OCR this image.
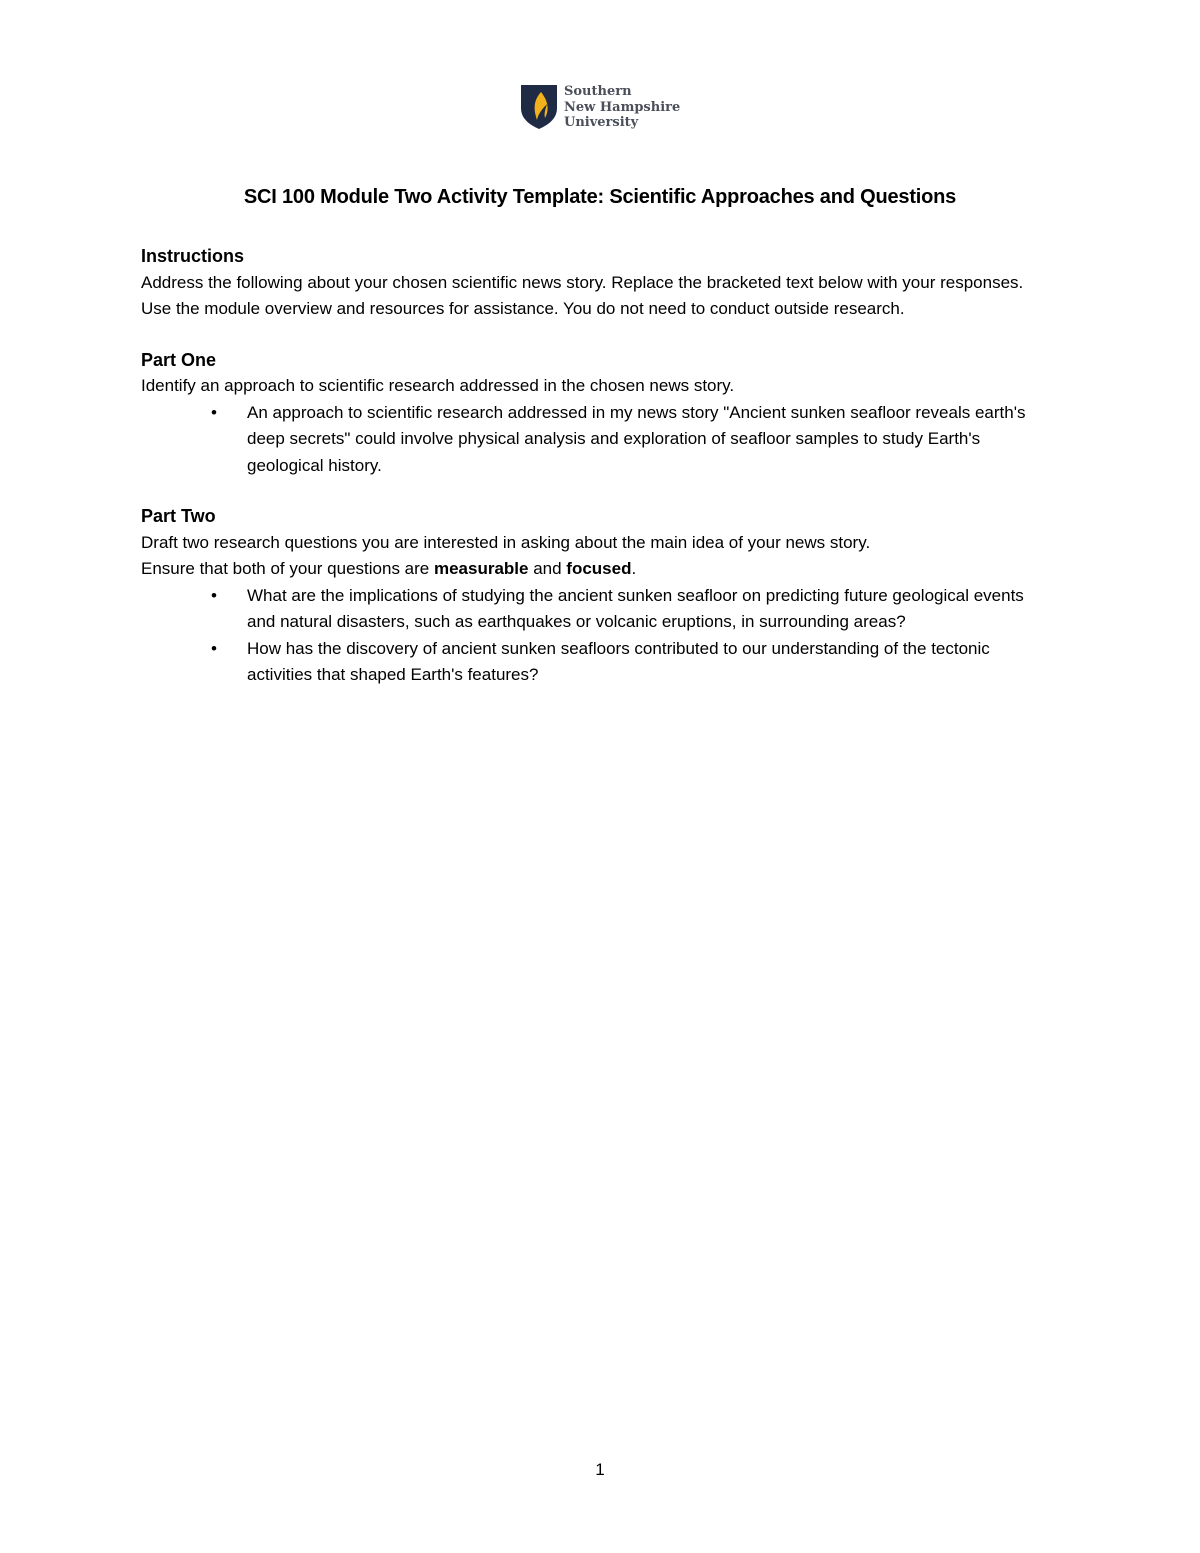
Southern
New Hampshire
University
SCI 100 Module Two Activity Template: Scientific Approaches and Questions

Instructions

Address the following about your chosen scientific news story. Replace the bracketed text below with your responses. Use the module overview and resources for assistance. You do not need to conduct outside research.

Part One

Identify an approach to scientific research addressed in the chosen news story.

• An approach to scientific research addressed in my news story "Ancient sunken seafloor reveals earth's deep secrets" could involve physical analysis and exploration of seafloor samples to study Earth's geological history.

Part Two

Draft two research questions you are interested in asking about the main idea of your news story.

Ensure that both of your questions are measurable and focused.

• What are the implications of studying the ancient sunken seafloor on predicting future geological events and natural disasters, such as earthquakes or volcanic eruptions, in surrounding areas?
• How has the discovery of ancient sunken seafloors contributed to our understanding of the tectonic activities that shaped Earth's features?
1
